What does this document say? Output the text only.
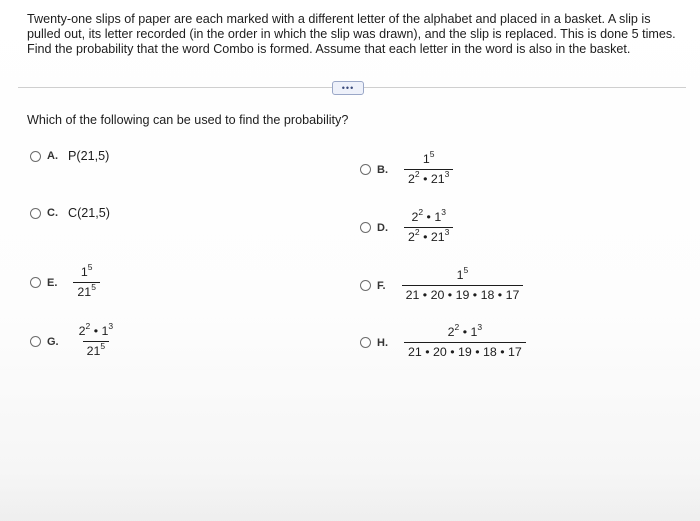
Twenty-one slips of paper are each marked with a different letter of the alphabet and placed in a basket. A slip is pulled out, its letter recorded (in the order in which the slip was drawn), and the slip is replaced. This is done 5 times. Find the probability that the word Combo is formed. Assume that each letter in the word is also in the basket.
•••
Which of the following can be used to find the probability?
A. P(21,5)
B. $\frac{1^5}{2^2 • 21^3}$
C. C(21,5)
D. $\frac{2^2 • 1^3}{2^2 • 21^3}$
E. $\frac{1^5}{21^5}$	F. $\frac{1^5}{21 • 20 • 19 • 18 • 17}$
G. $\frac{2^2 • 1^3}{21^5}$	H. $\frac{2^2 • 1^3}{21 • 20 • 19 • 18 • 17}$
